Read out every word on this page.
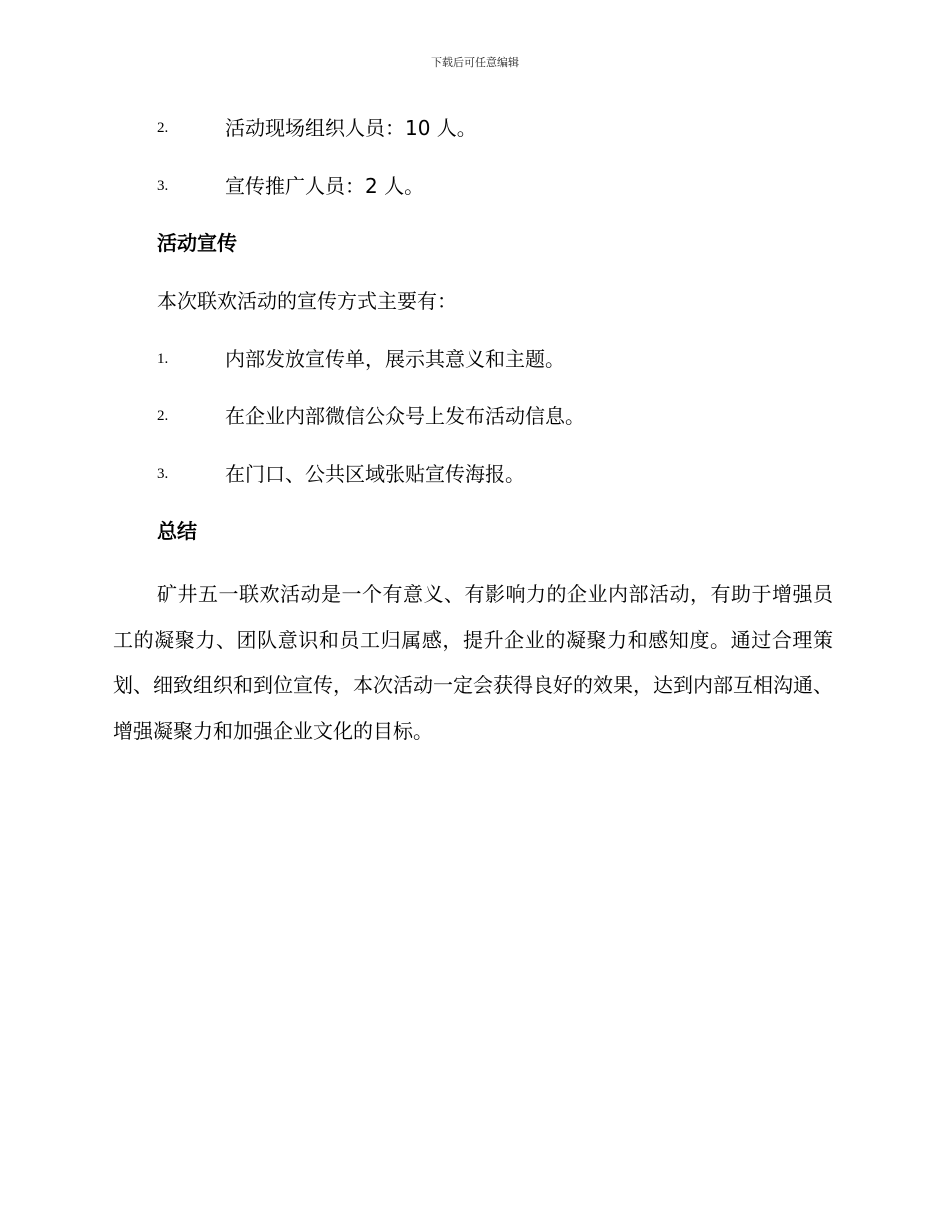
下载后可任意编辑
2.	活动现场组织人员：10 人。
3.	宣传推广人员：2 人。
活动宣传
本次联欢活动的宣传方式主要有：
1.	内部发放宣传单，展示其意义和主题。
2.	在企业内部微信公众号上发布活动信息。
3.	在门口、公共区域张贴宣传海报。
总结

矿井五一联欢活动是一个有意义、有影响力的企业内部活动，有助于增强员工的凝聚力、团队意识和员工归属感，提升企业的凝聚力和感知度。通过合理策划、细致组织和到位宣传，本次活动一定会获得良好的效果，达到内部互相沟通、增强凝聚力和加强企业文化的目标。
